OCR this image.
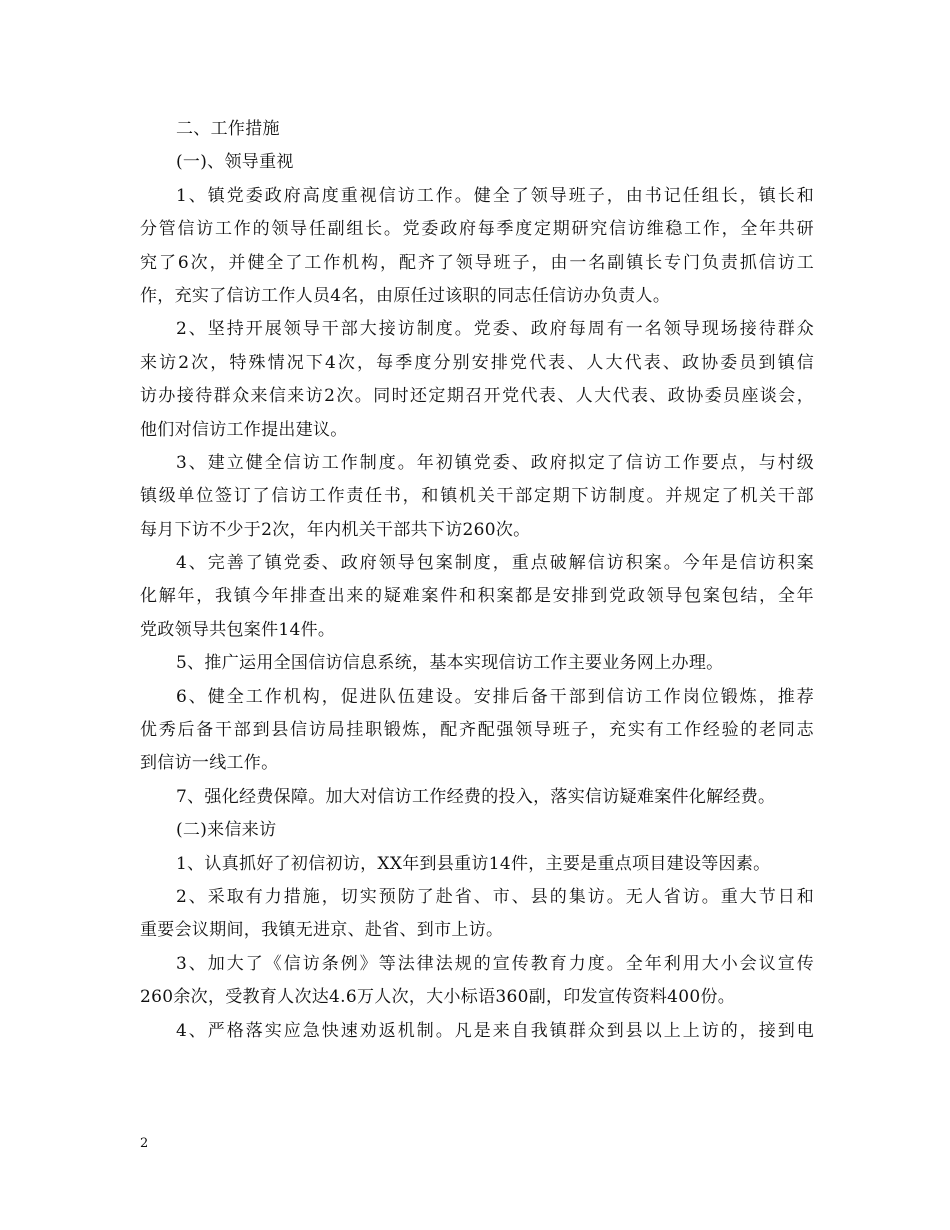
二、工作措施
(一)、领导重视
1、镇党委政府高度重视信访工作。健全了领导班子，由书记任组长，镇长和
分管信访工作的领导任副组长。党委政府每季度定期研究信访维稳工作，全年共研
究了6次，并健全了工作机构，配齐了领导班子，由一名副镇长专门负责抓信访工
作，充实了信访工作人员4名，由原任过该职的同志任信访办负责人。
2、坚持开展领导干部大接访制度。党委、政府每周有一名领导现场接待群众
来访2次，特殊情况下4次，每季度分别安排党代表、人大代表、政协委员到镇信
访办接待群众来信来访2次。同时还定期召开党代表、人大代表、政协委员座谈会，
他们对信访工作提出建议。
3、建立健全信访工作制度。年初镇党委、政府拟定了信访工作要点，与村级
镇级单位签订了信访工作责任书，和镇机关干部定期下访制度。并规定了机关干部
每月下访不少于2次，年内机关干部共下访260次。
4、完善了镇党委、政府领导包案制度，重点破解信访积案。今年是信访积案
化解年，我镇今年排查出来的疑难案件和积案都是安排到党政领导包案包结，全年
党政领导共包案件14件。
5、推广运用全国信访信息系统，基本实现信访工作主要业务网上办理。
6、健全工作机构，促进队伍建设。安排后备干部到信访工作岗位锻炼，推荐
优秀后备干部到县信访局挂职锻炼，配齐配强领导班子，充实有工作经验的老同志
到信访一线工作。
7、强化经费保障。加大对信访工作经费的投入，落实信访疑难案件化解经费。
(二)来信来访
1、认真抓好了初信初访，XX年到县重访14件，主要是重点项目建设等因素。
2、采取有力措施，切实预防了赴省、市、县的集访。无人省访。重大节日和
重要会议期间，我镇无进京、赴省、到市上访。
3、加大了《信访条例》等法律法规的宣传教育力度。全年利用大小会议宣传
260余次，受教育人次达4.6万人次，大小标语360副，印发宣传资料400份。
4、严格落实应急快速劝返机制。凡是来自我镇群众到县以上上访的，接到电
2
